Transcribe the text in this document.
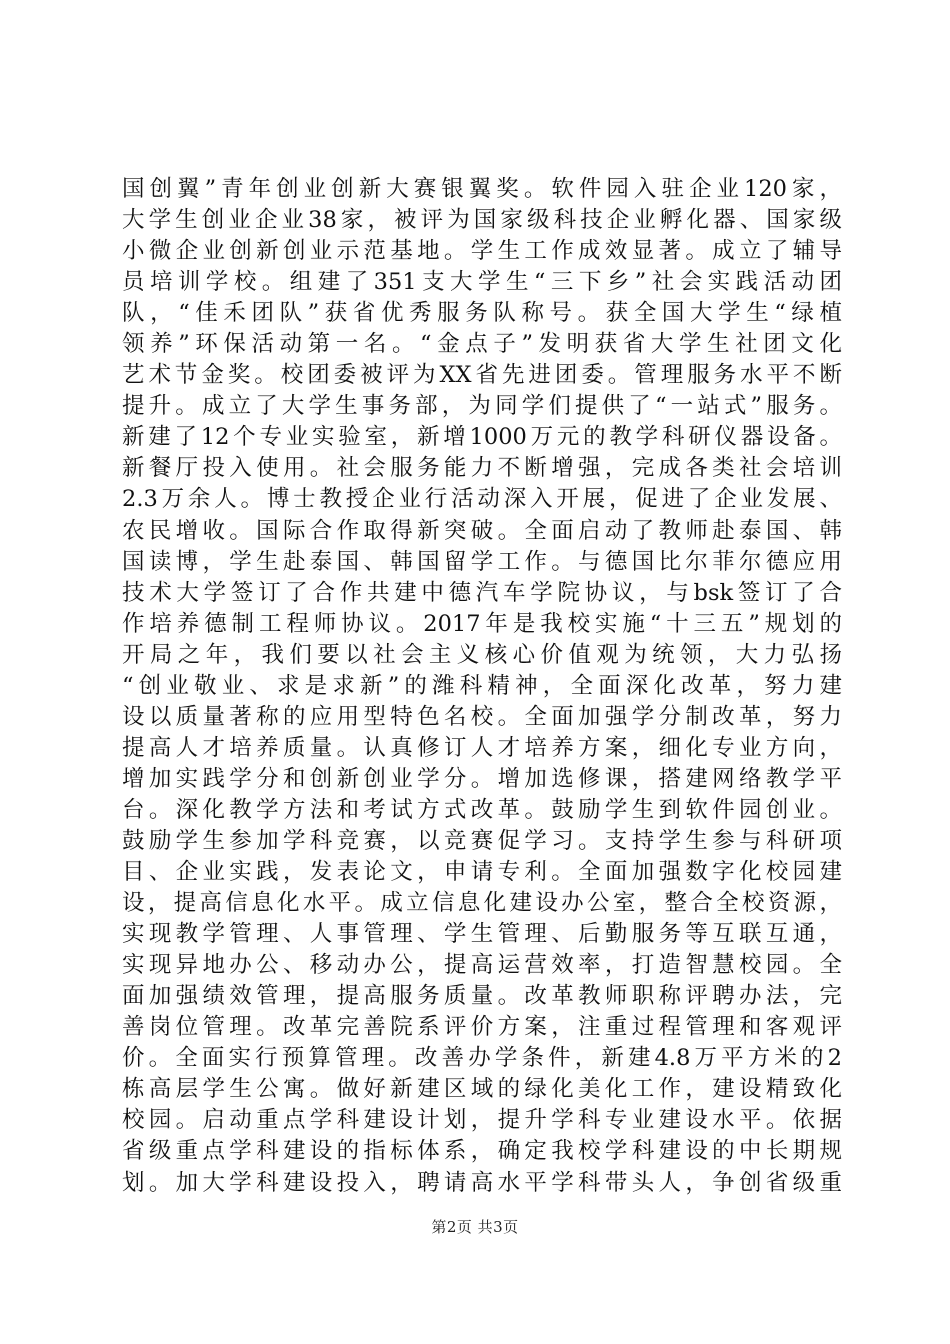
国创翼”青年创业创新大赛银翼奖。软件园入驻企业120家，
大学生创业企业38家，被评为国家级科技企业孵化器、国家级
小微企业创新创业示范基地。学生工作成效显著。成立了辅导
员培训学校。组建了351支大学生“三下乡”社会实践活动团
队，“佳禾团队”获省优秀服务队称号。获全国大学生“绿植
领养”环保活动第一名。“金点子”发明获省大学生社团文化
艺术节金奖。校团委被评为XX省先进团委。管理服务水平不断
提升。成立了大学生事务部，为同学们提供了“一站式”服务。
新建了12个专业实验室，新增1000万元的教学科研仪器设备。
新餐厅投入使用。社会服务能力不断增强，完成各类社会培训
2.3万余人。博士教授企业行活动深入开展，促进了企业发展、
农民增收。国际合作取得新突破。全面启动了教师赴泰国、韩
国读博，学生赴泰国、韩国留学工作。与德国比尔菲尔德应用
技术大学签订了合作共建中德汽车学院协议，与bsk签订了合
作培养德制工程师协议。2017年是我校实施“十三五”规划的
开局之年，我们要以社会主义核心价值观为统领，大力弘扬
“创业敬业、求是求新”的潍科精神，全面深化改革，努力建
设以质量著称的应用型特色名校。全面加强学分制改革，努力
提高人才培养质量。认真修订人才培养方案，细化专业方向，
增加实践学分和创新创业学分。增加选修课，搭建网络教学平
台。深化教学方法和考试方式改革。鼓励学生到软件园创业。
鼓励学生参加学科竞赛，以竞赛促学习。支持学生参与科研项
目、企业实践，发表论文，申请专利。全面加强数字化校园建
设，提高信息化水平。成立信息化建设办公室，整合全校资源，
实现教学管理、人事管理、学生管理、后勤服务等互联互通，
实现异地办公、移动办公，提高运营效率，打造智慧校园。全
面加强绩效管理，提高服务质量。改革教师职称评聘办法，完
善岗位管理。改革完善院系评价方案，注重过程管理和客观评
价。全面实行预算管理。改善办学条件，新建4.8万平方米的2
栋高层学生公寓。做好新建区域的绿化美化工作，建设精致化
校园。启动重点学科建设计划，提升学科专业建设水平。依据
省级重点学科建设的指标体系，确定我校学科建设的中长期规
划。加大学科建设投入，聘请高水平学科带头人，争创省级重
第2页 共3页
